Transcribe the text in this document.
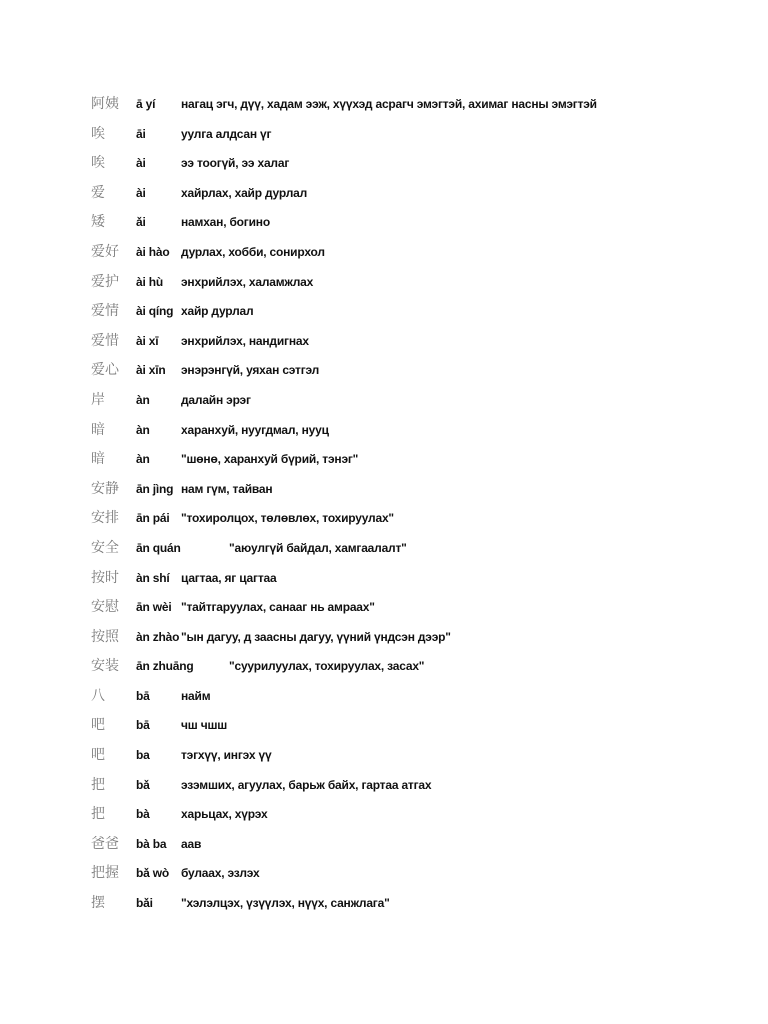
阿姨	ā yí	нагац эгч, дүү, хадам ээж, хүүхэд асрагч эмэгтэй, ахимаг насны эмэгтэй
唉	āi	уулга алдсан үг
唉	ài	ээ тоогүй, ээ халаг
爱	ài	хайрлах, хайр дурлал
矮	ǎi	намхан, богино
爱好	ài hào дурлах, хобби, сонирхол
爱护	ài hù	энхрийлэх, халамжлах
爱情	ài qíng хайр дурлал
爱惜	ài xī	энхрийлэх, нандигнах
爱心	ài xīn	энэрэнгүй, уяхан сэтгэл
岸	àn	далайн эрэг
暗	àn	харанхуй, нуугдмал, нууц
暗	àn	"шөнө, харанхуй бүрий, тэнэг"
安静	ān jìng нам гүм, тайван
安排	ān pái "тохиролцох, төлөвлөх, тохируулах"
安全	ān quán	"аюулгүй байдал, хамгаалалт"
按时	àn shí цагтаа, яг цагтаа
安慰	ān wèi "тайтгаруулах, санааг нь амраах"
按照	àn zhào "ын дагуу, д заасны дагуу, үүний үндсэн дээр"
安装	ān zhuāng	"суурилуулах, тохируулах, засах"
八	bā	найм
吧	bā	чш чшш
吧	ba	тэгхүү, ингэх үү
把	bǎ	эзэмших, агуулах, барьж байх, гартаа атгах
把	bà	харьцах, хүрэх
爸爸	bà ba	аав
把握	bǎ wò булаах, эзлэх
摆	bǎi	"хэлэлцэх, үзүүлэх, нүүх, санжлага"
